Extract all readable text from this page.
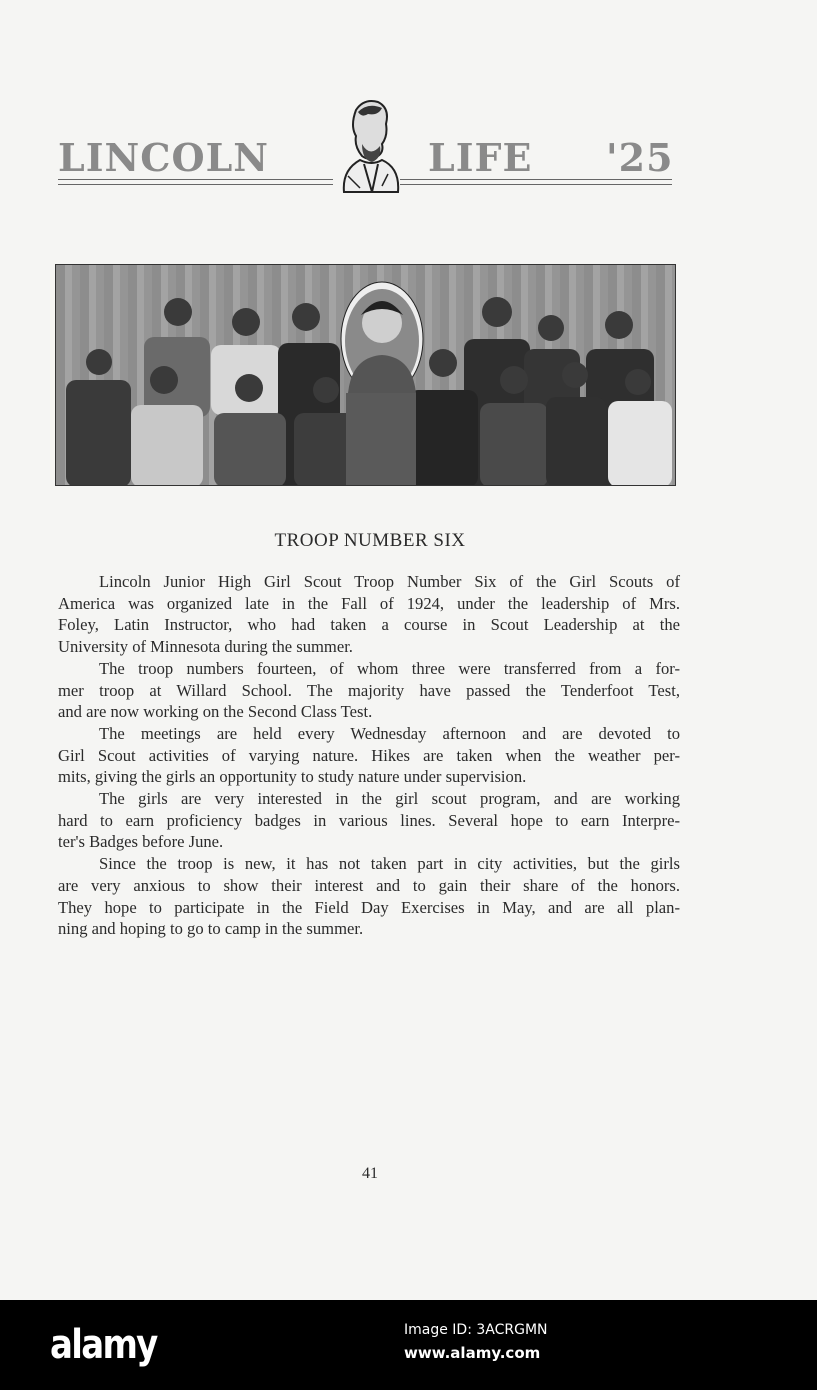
LINCOLN	LIFE '25
TROOP NUMBER SIX
Lincoln Junior High Girl Scout Troop Number Six of the Girl Scouts of
America was organized late in the Fall of 1924, under the leadership of Mrs.
Foley, Latin Instructor, who had taken a course in Scout Leadership at the
University of Minnesota during the summer.
The troop numbers fourteen, of whom three were transferred from a for-
mer troop at Willard School. The majority have passed the Tenderfoot Test,
and are now working on the Second Class Test.
The meetings are held every Wednesday afternoon and are devoted to
Girl Scout activities of varying nature. Hikes are taken when the weather per-
mits, giving the girls an opportunity to study nature under supervision.
The girls are very interested in the girl scout program, and are working
hard to earn proficiency badges in various lines. Several hope to earn Interpre-
ter's Badges before June.
Since the troop is new, it has not taken part in city activities, but the girls
are very anxious to show their interest and to gain their share of the honors.
They hope to participate in the Field Day Exercises in May, and are all plan-
ning and hoping to go to camp in the summer.
41
alamy	Image ID: 3ACRGMN
www.alamy.com
